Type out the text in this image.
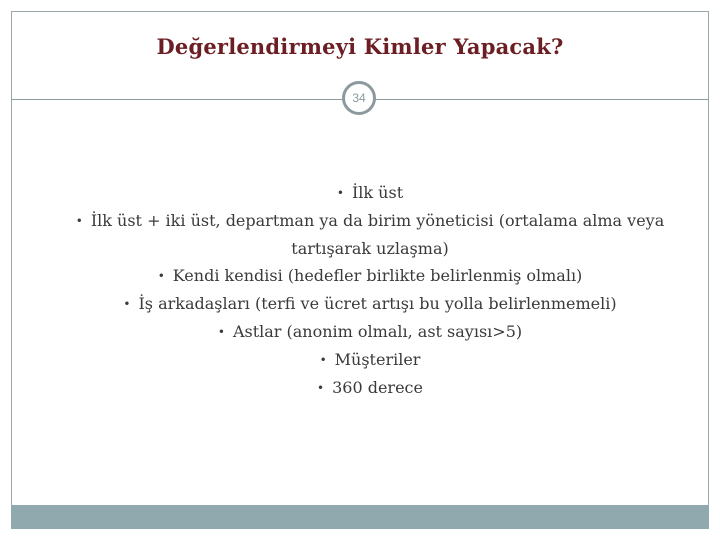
Değerlendirmeyi Kimler Yapacak?
34
• İlk üst
• İlk üst + iki üst, departman ya da birim yöneticisi (ortalama alma veya tartışarak uzlaşma)
• Kendi kendisi (hedefler birlikte belirlenmiş olmalı)
• İş arkadaşları (terfi ve ücret artışı bu yolla belirlenmemeli)
• Astlar (anonim olmalı, ast sayısı>5)
• Müşteriler
• 360 derece
